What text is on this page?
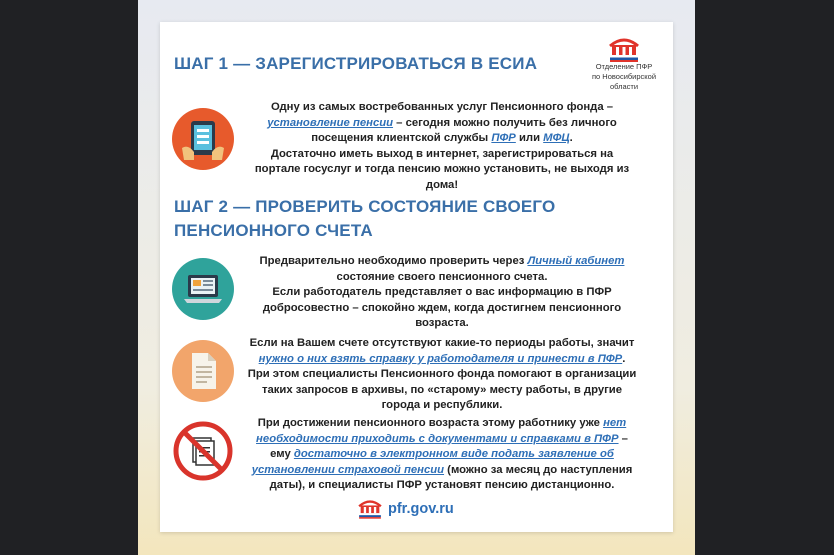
ШАГ 1 — ЗАРЕГИСТРИРОВАТЬСЯ В ЕСИА	Отделение ПФР
по Новосибирской
области
Одну из самых востребованных услуг Пенсионного фонда –
установление пенсии – сегодня можно получить без личного
посещения клиентской службы ПФР или МФЦ.
Достаточно иметь выход в интернет, зарегистрироваться на
портале госуслуг и тогда пенсию можно установить, не выходя из
дома!
ШАГ 2 — ПРОВЕРИТЬ СОСТОЯНИЕ СВОЕГО
ПЕНСИОННОГО СЧЕТА
Предварительно необходимо проверить через Личный кабинет
состояние своего пенсионного счета.
Если работодатель представляет о вас информацию в ПФР
добросовестно – спокойно ждем, когда достигнем пенсионного
возраста.
Если на Вашем счете отсутствуют какие-то периоды работы, значит
нужно о них взять справку у работодателя и принести в ПФР.
При этом специалисты Пенсионного фонда помогают в организации
таких запросов в архивы, по «старому» месту работы, в другие
города и республики.
При достижении пенсионного возраста этому работнику уже нет
необходимости приходить с документами и справками в ПФР –
ему достаточно в электронном виде подать заявление об
установлении страховой пенсии (можно за месяц до наступления
даты), и специалисты ПФР установят пенсию дистанционно.
pfr.gov.ru
